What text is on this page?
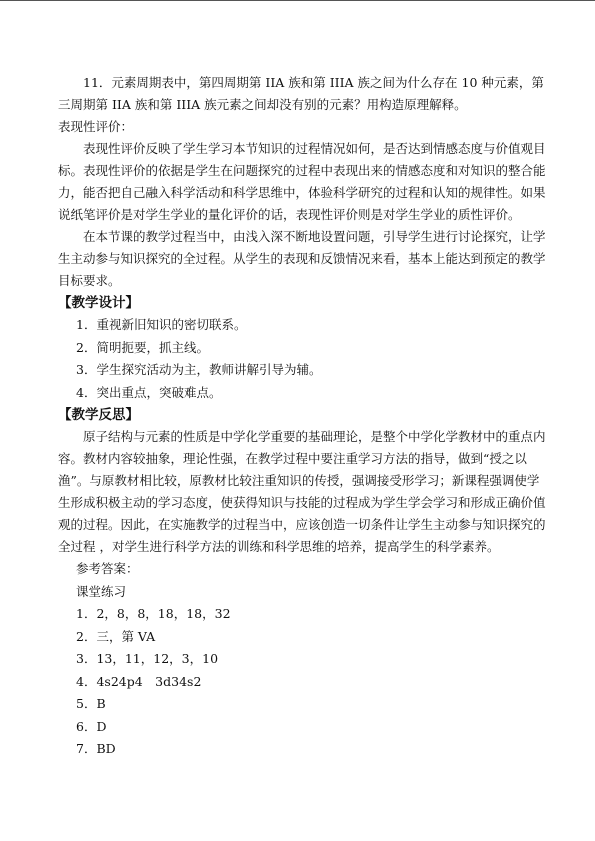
11．元素周期表中，第四周期第 IIA 族和第 IIIA 族之间为什么存在 10 种元素，第三周期第 IIA 族和第 IIIA 族元素之间却没有别的元素？用构造原理解释。

表现性评价：

表现性评价反映了学生学习本节知识的过程情况如何，是否达到情感态度与价值观目标。表现性评价的依据是学生在问题探究的过程中表现出来的情感态度和对知识的整合能力，能否把自己融入科学活动和科学思维中，体验科学研究的过程和认知的规律性。如果说纸笔评价是对学生学业的量化评价的话，表现性评价则是对学生学业的质性评价。

在本节课的教学过程当中，由浅入深不断地设置问题，引导学生进行讨论探究，让学生主动参与知识探究的全过程。从学生的表现和反馈情况来看，基本上能达到预定的教学目标要求。

【教学设计】

1．重视新旧知识的密切联系。

2．简明扼要，抓主线。

3．学生探究活动为主，教师讲解引导为辅。

4．突出重点，突破难点。

【教学反思】

原子结构与元素的性质是中学化学重要的基础理论，是整个中学化学教材中的重点内容。教材内容较抽象，理论性强，在教学过程中要注重学习方法的指导，做到“授之以渔”。与原教材相比较，原教材比较注重知识的传授，强调接受形学习；新课程强调使学生形成积极主动的学习态度，使获得知识与技能的过程成为学生学会学习和形成正确价值观的过程。因此，在实施教学的过程当中，应该创造一切条件让学生主动参与知识探究的全过程 ，对学生进行科学方法的训练和科学思维的培养，提高学生的科学素养。

参考答案：

课堂练习

1．2，8，8，18，18，32

2．三，第 VA

3．13，11，12，3，10

4．4s24p4　3d34s2

5．B

6．D

7．BD
